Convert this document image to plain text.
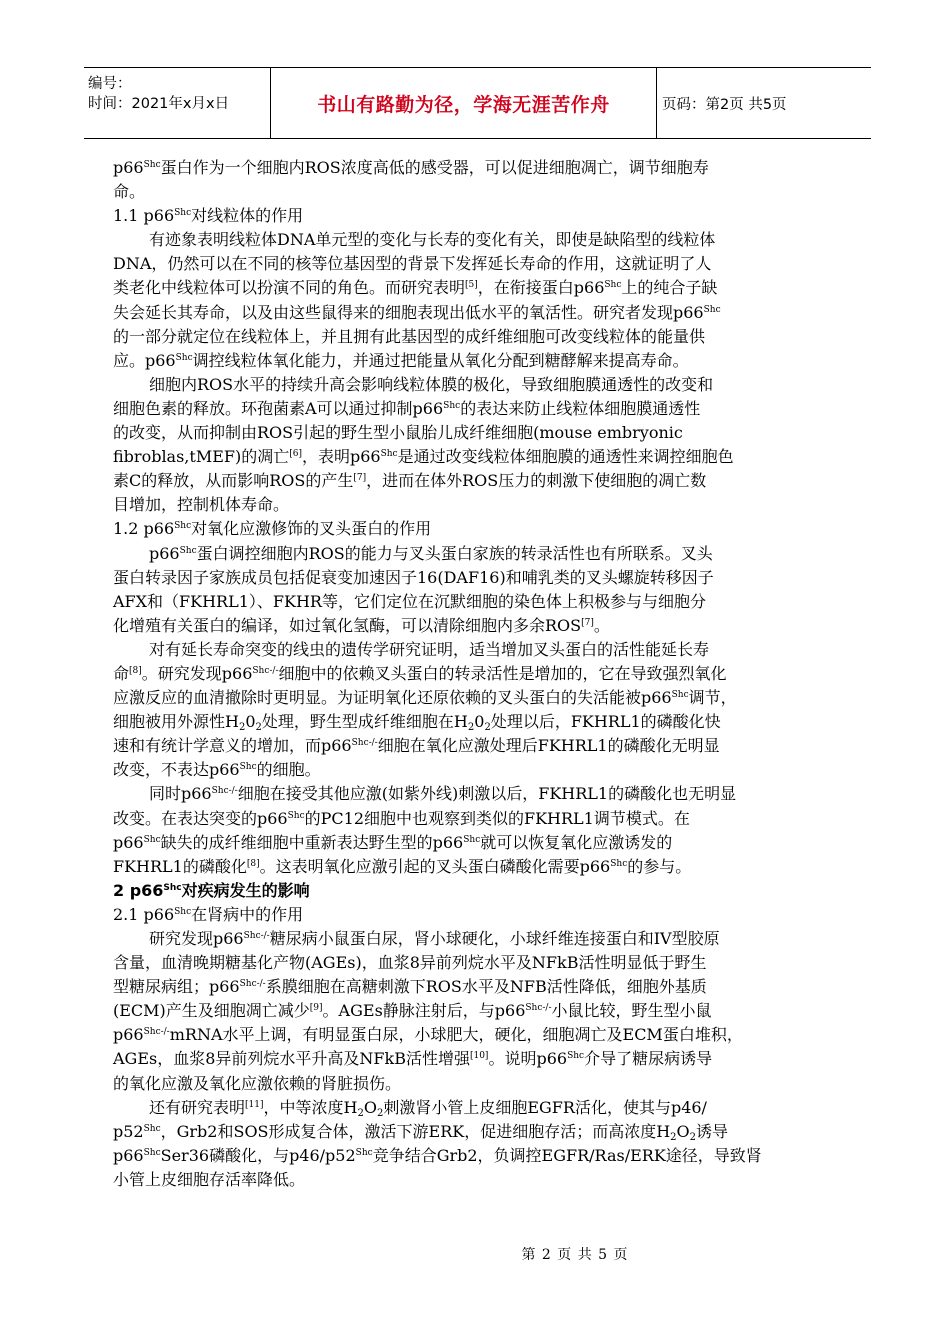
编号：
时间：2021年x月x日	书山有路勤为径，学海无涯苦作舟	页码：第2页 共5页
$p66^{Shc}$蛋白作为一个细胞内ROS浓度高低的感受器，可以促进细胞凋亡，调节细胞寿
命。
1.1 $p66^{Shc}$对线粒体的作用
有迹象表明线粒体DNA单元型的变化与长寿的变化有关，即使是缺陷型的线粒体
DNA，仍然可以在不同的核等位基因型的背景下发挥延长寿命的作用，这就证明了人
类老化中线粒体可以扮演不同的角色。而研究表明[5]，在衔接蛋白$p66^{Shc}$上的纯合子缺
失会延长其寿命，以及由这些鼠得来的细胞表现出低水平的氧活性。研究者发现$p66^{Shc}$
的一部分就定位在线粒体上，并且拥有此基因型的成纤维细胞可改变线粒体的能量供
应。$p66^{Shc}$调控线粒体氧化能力，并通过把能量从氧化分配到糖酵解来提高寿命。
细胞内ROS水平的持续升高会影响线粒体膜的极化，导致细胞膜通透性的改变和
细胞色素的释放。环孢菌素A可以通过抑制$p66^{Shc}$的表达来防止线粒体细胞膜通透性
的改变，从而抑制由ROS引起的野生型小鼠胎儿成纤维细胞(mouse embryonic
fibroblas,tMEF)的凋亡[6]，表明$p66^{Shc}$是通过改变线粒体细胞膜的通透性来调控细胞色
素C的释放，从而影响ROS的产生[7]，进而在体外ROS压力的刺激下使细胞的凋亡数
目增加，控制机体寿命。
1.2 $p66^{Shc}$对氧化应激修饰的叉头蛋白的作用
$p66^{Shc}$蛋白调控细胞内ROS的能力与叉头蛋白家族的转录活性也有所联系。叉头
蛋白转录因子家族成员包括促衰变加速因子16(DAF16)和哺乳类的叉头螺旋转移因子
AFX和（FKHRL1）、FKHR等，它们定位在沉默细胞的染色体上积极参与与细胞分
化增殖有关蛋白的编译，如过氧化氢酶，可以清除细胞内多余ROS[7]。
对有延长寿命突变的线虫的遗传学研究证明，适当增加叉头蛋白的活性能延长寿
命[8]。研究发现$p66^{Shc-/-}$细胞中的依赖叉头蛋白的转录活性是增加的，它在导致强烈氧化
应激反应的血清撤除时更明显。为证明氧化还原依赖的叉头蛋白的失活能被$p66^{Shc}$调节，
细胞被用外源性$H_20_2$处理，野生型成纤维细胞在$H_20_2$处理以后，FKHRL1的磷酸化快
速和有统计学意义的增加，而$p66^{Shc-/-}$细胞在氧化应激处理后FKHRL1的磷酸化无明显
改变，不表达$p66^{Shc}$的细胞。
同时$p66^{Shc-/-}$细胞在接受其他应激(如紫外线)刺激以后，FKHRL1的磷酸化也无明显
改变。在表达突变的$p66^{Shc}$的PC12细胞中也观察到类似的FKHRL1调节模式。在
$p66^{Shc}$缺失的成纤维细胞中重新表达野生型的$p66^{Shc}$就可以恢复氧化应激诱发的
FKHRL1的磷酸化[8]。这表明氧化应激引起的叉头蛋白磷酸化需要$p66^{Shc}$的参与。
2 $p66^{Shc}$对疾病发生的影响
2.1 $p66^{Shc}$在肾病中的作用
研究发现$p66^{Shc-/-}$糖尿病小鼠蛋白尿，肾小球硬化，小球纤维连接蛋白和IV型胶原
含量，血清晚期糖基化产物(AGEs)，血浆8异前列烷水平及NFkB活性明显低于野生
型糖尿病组；$p66^{Shc-/-}$系膜细胞在高糖刺激下ROS水平及NFB活性降低，细胞外基质
(ECM)产生及细胞凋亡减少[9]。AGEs静脉注射后，与$p66^{Shc-/-}$小鼠比较，野生型小鼠
$p66^{Shc-/-}mRNA$水平上调，有明显蛋白尿，小球肥大，硬化，细胞凋亡及ECM蛋白堆积，
AGEs，血浆8异前列烷水平升高及NFkB活性增强[10]。说明$p66^{Shc}$介导了糖尿病诱导
的氧化应激及氧化应激依赖的肾脏损伤。
还有研究表明[11]，中等浓度$H_2O_2$刺激肾小管上皮细胞EGFR活化，使其与p46/
$p52^{Shc}$，Grb2和SOS形成复合体，激活下游ERK，促进细胞存活；而高浓度$H_2O_2$诱导
$p66^{Shc}Ser36$磷酸化，与$p46/p52^{Shc}$竞争结合Grb2，负调控EGFR/Ras/ERK途径，导致肾
小管上皮细胞存活率降低。
第 2 页 共 5 页
